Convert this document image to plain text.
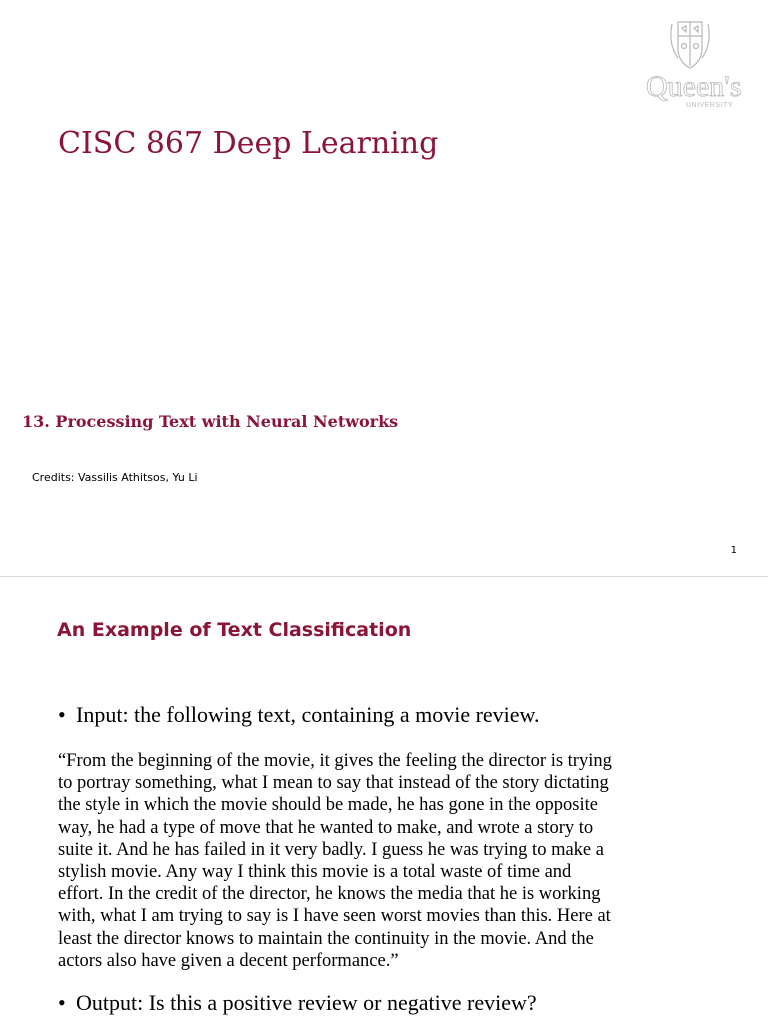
Queen's
UNIVERSITY
CISC 867 Deep Learning
13. Processing Text with Neural Networks
Credits: Vassilis Athitsos, Yu Li
1
An Example of Text Classification
• Input: the following text, containing a movie review.
“From the beginning of the movie, it gives the feeling the director is trying
to portray something, what I mean to say that instead of the story dictating
the style in which the movie should be made, he has gone in the opposite
way, he had a type of move that he wanted to make, and wrote a story to
suite it. And he has failed in it very badly. I guess he was trying to make a
stylish movie. Any way I think this movie is a total waste of time and
effort. In the credit of the director, he knows the media that he is working
with, what I am trying to say is I have seen worst movies than this. Here at
least the director knows to maintain the continuity in the movie. And the
actors also have given a decent performance.”
• Output: Is this a positive review or negative review?
